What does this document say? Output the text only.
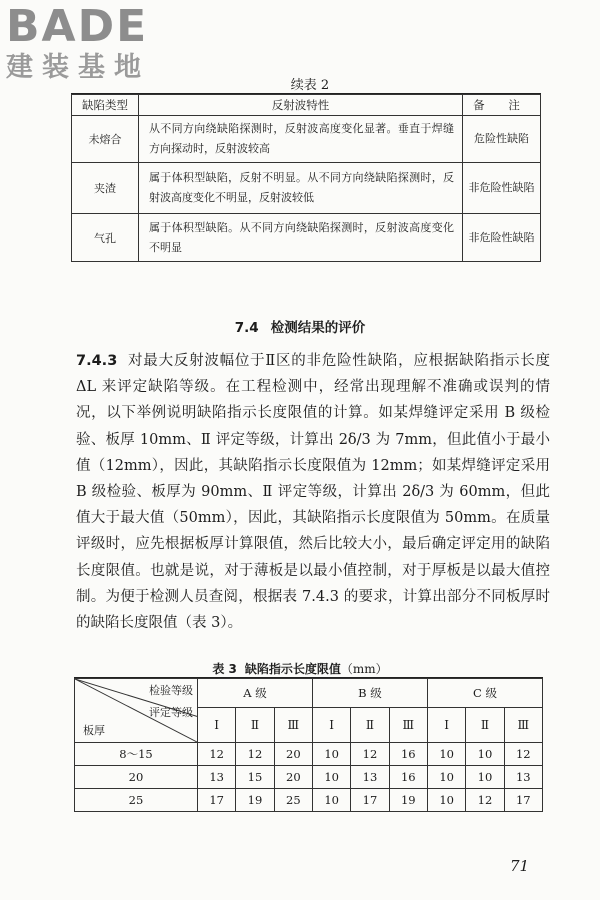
BADE
建装基地
续表 2
缺陷类型	反射波特性	备 注
未熔合	从不同方向绕缺陷探测时，反射波高度变化显著。垂直于焊缝方向探动时，反射波较高	危险性缺陷
夹渣	属于体积型缺陷，反射不明显。从不同方向绕缺陷探测时，反射波高度变化不明显，反射波较低	非危险性缺陷
气孔	属于体积型缺陷。从不同方向绕缺陷探测时，反射波高度变化不明显	非危险性缺陷
7.4 检测结果的评价
7.4.3 对最大反射波幅位于Ⅱ区的非危险性缺陷，应根据缺陷指示长度 ΔL 来评定缺陷等级。在工程检测中，经常出现理解不准确或误判的情况，以下举例说明缺陷指示长度限值的计算。如某焊缝评定采用 B 级检验、板厚 10mm、Ⅱ 评定等级，计算出 2δ/3 为 7mm，但此值小于最小值（12mm），因此，其缺陷指示长度限值为 12mm；如某焊缝评定采用 B 级检验、板厚为 90mm、Ⅱ 评定等级，计算出 2δ/3 为 60mm，但此值大于最大值（50mm），因此，其缺陷指示长度限值为 50mm。在质量评级时，应先根据板厚计算限值，然后比较大小，最后确定评定用的缺陷长度限值。也就是说，对于薄板是以最小值控制，对于厚板是以最大值控制。为便于检测人员查阅，根据表 7.4.3 的要求，计算出部分不同板厚时的缺陷长度限值（表 3）。
表 3 缺陷指示长度限值（mm）
检验等级
评定等级
板厚	A 级			B 级			C 级		
	Ⅰ	Ⅱ	Ⅲ	Ⅰ	Ⅱ	Ⅲ	Ⅰ	Ⅱ	Ⅲ
8～15	12	12	20	10	12	16	10	10	12
20	13	15	20	10	13	16	10	10	13
25	17	19	25	10	17	19	10	12	17
71
